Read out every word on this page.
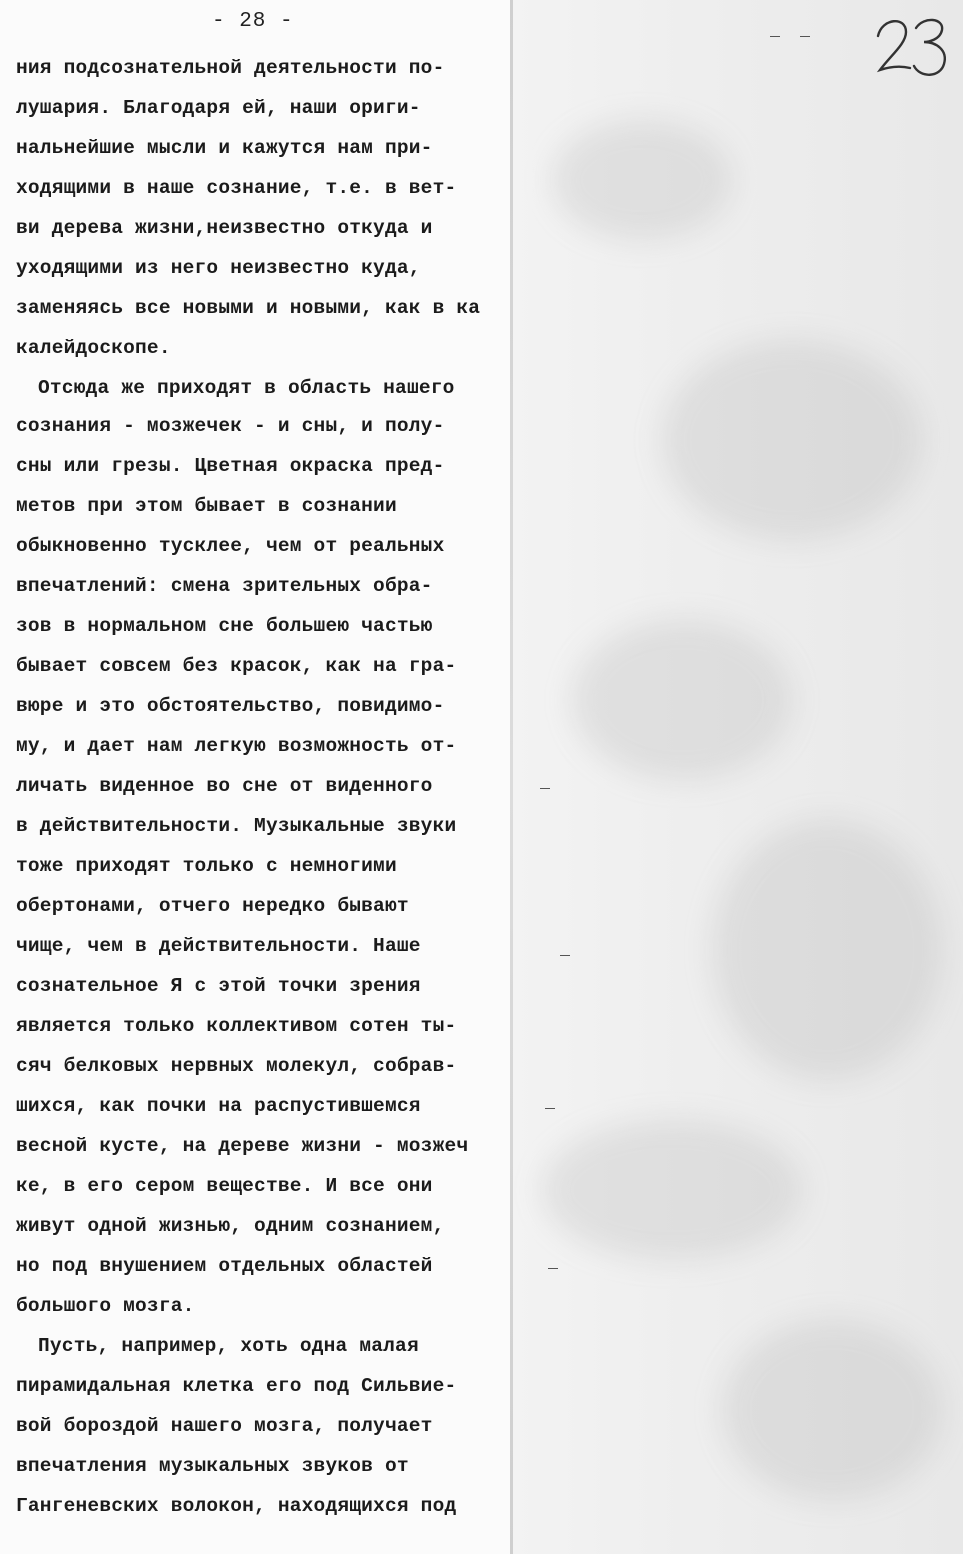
- 28 -
ния подсознательной деятельности по-
лушария. Благодаря ей, наши ориги-
нальнейшие мысли и кажутся нам при-
ходящими в наше сознание, т.е. в вет-
ви дерева жизни,неизвестно откуда и
уходящими из него неизвестно куда,
заменяясь все новыми и новыми, как в ка
калейдоскопе.
Отсюда же приходят в область нашего
сознания - мозжечек - и сны, и полу-
сны или грезы. Цветная окраска пред-
метов при этом бывает в сознании
обыкновенно тусклее, чем от реальных
впечатлений: смена зрительных обра-
зов в нормальном сне большею частью
бывает совсем без красок, как на гра-
вюре и это обстоятельство, повидимо-
му, и дает нам легкую возможность от-
личать виденное во сне от виденного
в действительности. Музыкальные звуки
тоже приходят только с немногими
обертонами, отчего нередко бывают
чище, чем в действительности. Наше
сознательное Я с этой точки зрения
является только коллективом сотен ты-
сяч белковых нервных молекул, собрав-
шихся, как почки на распустившемся
весной кусте, на дереве жизни - мозжеч
ке, в его сером веществе. И все они
живут одной жизнью, одним сознанием,
но под внушением отдельных областей
большого мозга.
Пусть, например, хоть одна малая
пирамидальная клетка его под Сильвие-
вой бороздой нашего мозга, получает
впечатления музыкальных звуков от
Гангеневских волокон, находящихся под
